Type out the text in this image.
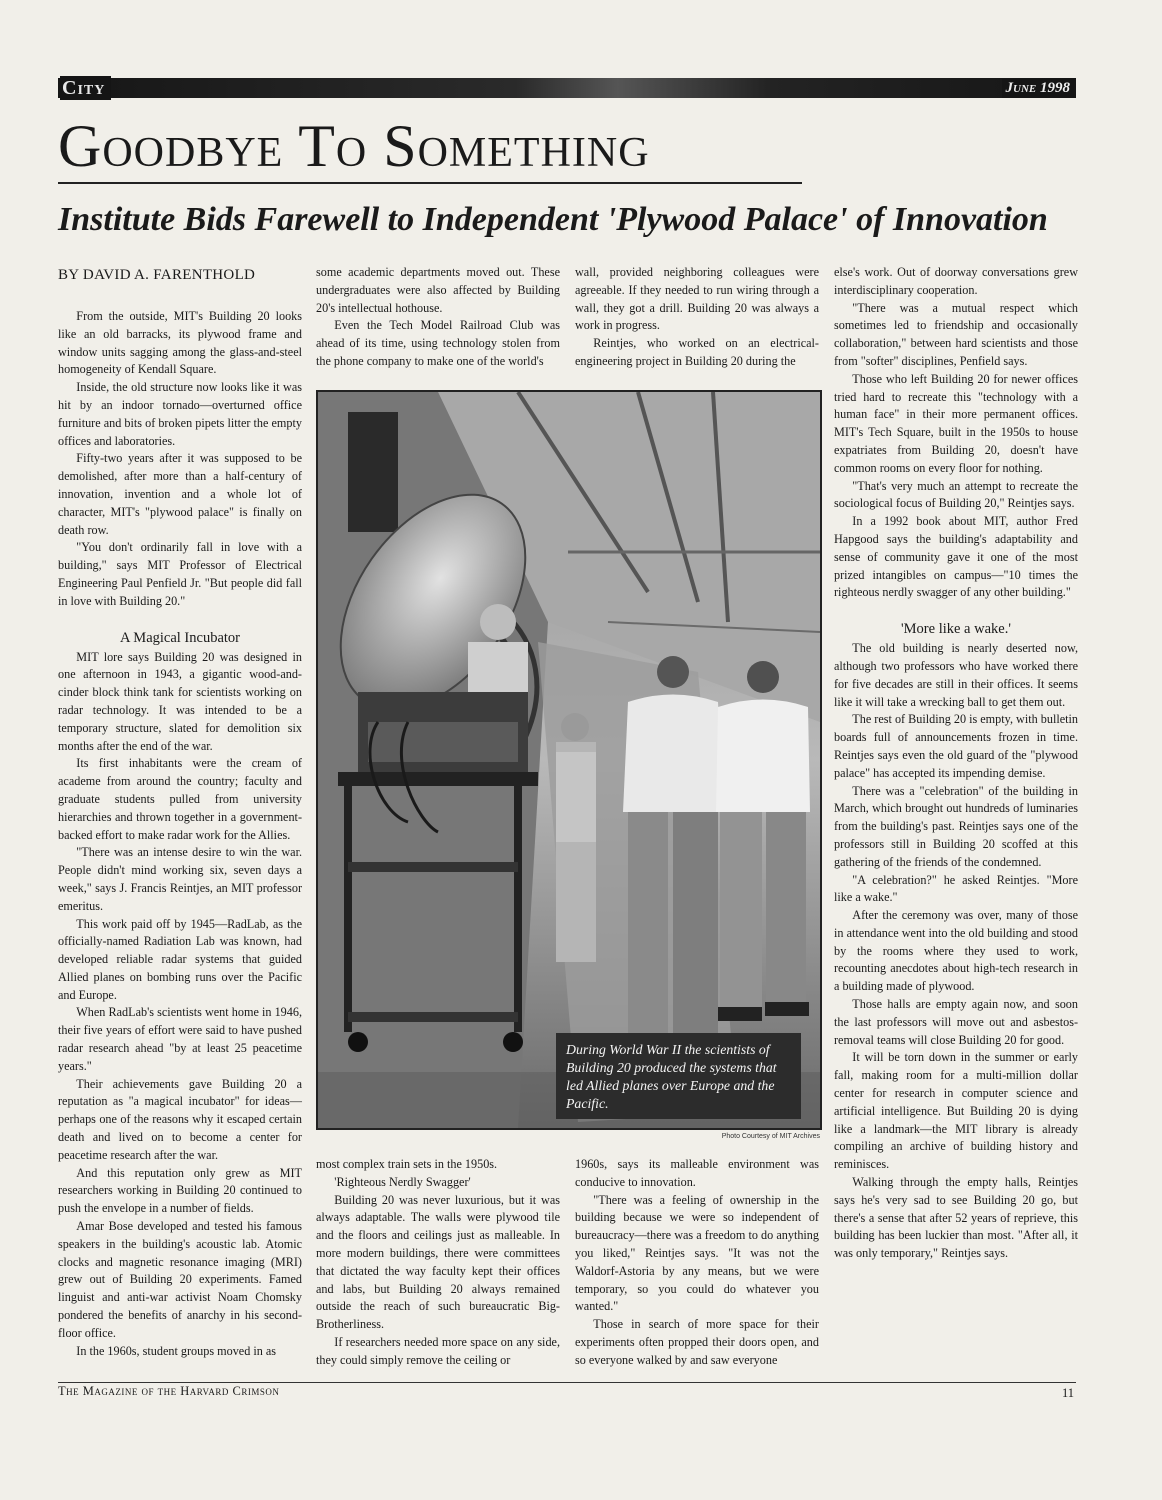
City	June 1998
Goodbye To Something
Institute Bids Farewell to Independent 'Plywood Palace' of Innovation
BY DAVID A. FARENTHOLD

From the outside, MIT's Building 20 looks like an old barracks, its plywood frame and window units sagging among the glass-and-steel homogeneity of Kendall Square.

Inside, the old structure now looks like it was hit by an indoor tornado—overturned office furniture and bits of broken pipets litter the empty offices and laboratories.

Fifty-two years after it was supposed to be demolished, after more than a half-century of innovation, invention and a whole lot of character, MIT's "plywood palace" is finally on death row.

"You don't ordinarily fall in love with a building," says MIT Professor of Electrical Engineering Paul Penfield Jr. "But people did fall in love with Building 20."

A Magical Incubator

MIT lore says Building 20 was designed in one afternoon in 1943, a gigantic wood-and-cinder block think tank for scientists working on radar technology. It was intended to be a temporary structure, slated for demolition six months after the end of the war.

Its first inhabitants were the cream of academe from around the country; faculty and graduate students pulled from university hierarchies and thrown together in a government-backed effort to make radar work for the Allies.

"There was an intense desire to win the war. People didn't mind working six, seven days a week," says J. Francis Reintjes, an MIT professor emeritus.

This work paid off by 1945—RadLab, as the officially-named Radiation Lab was known, had developed reliable radar systems that guided Allied planes on bombing runs over the Pacific and Europe.

When RadLab's scientists went home in 1946, their five years of effort were said to have pushed radar research ahead "by at least 25 peacetime years."

Their achievements gave Building 20 a reputation as "a magical incubator" for ideas—perhaps one of the reasons why it escaped certain death and lived on to become a center for peacetime research after the war.

And this reputation only grew as MIT researchers working in Building 20 continued to push the envelope in a number of fields.

Amar Bose developed and tested his famous speakers in the building's acoustic lab. Atomic clocks and magnetic resonance imaging (MRI) grew out of Building 20 experiments. Famed linguist and anti-war activist Noam Chomsky pondered the benefits of anarchy in his second-floor office.

In the 1960s, student groups moved in as

some academic departments moved out. These undergraduates were also affected by Building 20's intellectual hothouse.

Even the Tech Model Railroad Club was ahead of its time, using technology stolen from the phone company to make one of the world's

wall, provided neighboring colleagues were agreeable. If they needed to run wiring through a wall, they got a drill. Building 20 was always a work in progress.

Reintjes, who worked on an electrical-engineering project in Building 20 during the

During World War II the scientists of Building 20 produced the systems that led Allied planes over Europe and the Pacific.
Photo Courtesy of MIT Archives

most complex train sets in the 1950s.

'Righteous Nerdly Swagger'

Building 20 was never luxurious, but it was always adaptable. The walls were plywood tile and the floors and ceilings just as malleable. In more modern buildings, there were committees that dictated the way faculty kept their offices and labs, but Building 20 always remained outside the reach of such bureaucratic Big-Brotherliness.

If researchers needed more space on any side, they could simply remove the ceiling or

1960s, says its malleable environment was conducive to innovation.

"There was a feeling of ownership in the building because we were so independent of bureaucracy—there was a freedom to do anything you liked," Reintjes says. "It was not the Waldorf-Astoria by any means, but we were temporary, so you could do whatever you wanted."

Those in search of more space for their experiments often propped their doors open, and so everyone walked by and saw everyone

else's work. Out of doorway conversations grew interdisciplinary cooperation.

"There was a mutual respect which sometimes led to friendship and occasionally collaboration," between hard scientists and those from "softer" disciplines, Penfield says.

Those who left Building 20 for newer offices tried hard to recreate this "technology with a human face" in their more permanent offices. MIT's Tech Square, built in the 1950s to house expatriates from Building 20, doesn't have common rooms on every floor for nothing.

"That's very much an attempt to recreate the sociological focus of Building 20," Reintjes says.

In a 1992 book about MIT, author Fred Hapgood says the building's adaptability and sense of community gave it one of the most prized intangibles on campus—"10 times the righteous nerdly swagger of any other building."

'More like a wake.'

The old building is nearly deserted now, although two professors who have worked there for five decades are still in their offices. It seems like it will take a wrecking ball to get them out.

The rest of Building 20 is empty, with bulletin boards full of announcements frozen in time. Reintjes says even the old guard of the "plywood palace" has accepted its impending demise.

There was a "celebration" of the building in March, which brought out hundreds of luminaries from the building's past. Reintjes says one of the professors still in Building 20 scoffed at this gathering of the friends of the condemned.

"A celebration?" he asked Reintjes. "More like a wake."

After the ceremony was over, many of those in attendance went into the old building and stood by the rooms where they used to work, recounting anecdotes about high-tech research in a building made of plywood.

Those halls are empty again now, and soon the last professors will move out and asbestos-removal teams will close Building 20 for good.

It will be torn down in the summer or early fall, making room for a multi-million dollar center for research in computer science and artificial intelligence. But Building 20 is dying like a landmark—the MIT library is already compiling an archive of building history and reminisces.

Walking through the empty halls, Reintjes says he's very sad to see Building 20 go, but there's a sense that after 52 years of reprieve, this building has been luckier than most. "After all, it was only temporary," Reintjes says.

The Magazine of the Harvard Crimson	11
